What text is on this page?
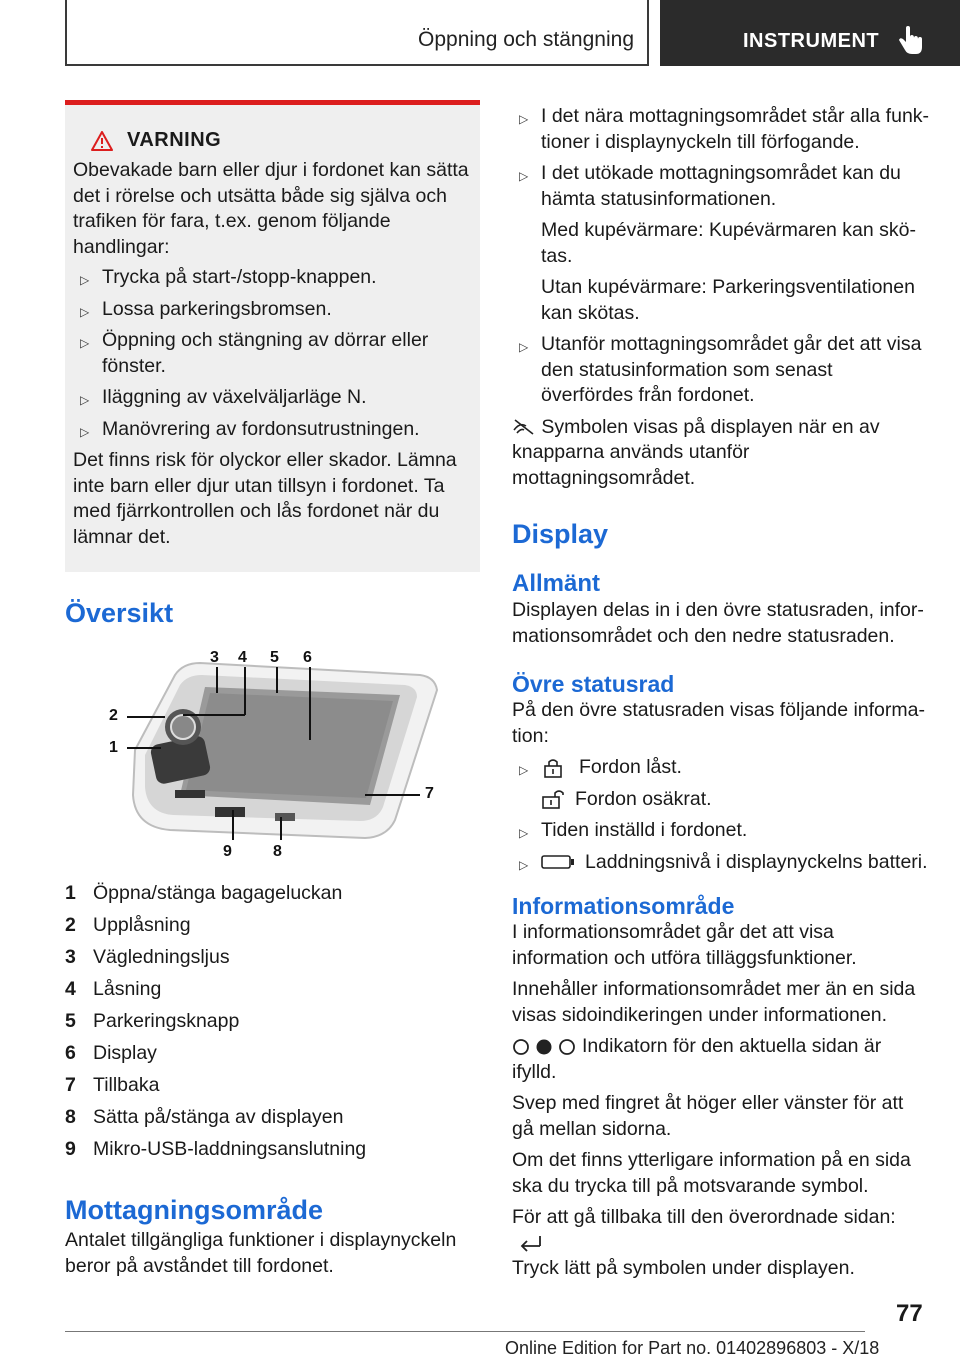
Öppning och stängning	INSTRUMENT
VARNING

Obevakade barn eller djur i fordonet kan sätta det i rörelse och utsätta både sig själva och trafiken för fara, t.ex. genom följande handlingar:

▷ Trycka på start-/stopp-knappen.
▷ Lossa parkeringsbromsen.
▷ Öppning och stängning av dörrar eller fönster.
▷ Iläggning av växelväljarläge N.
▷ Manövrering av fordonsutrustningen.

Det finns risk för olyckor eller skador. Lämna inte barn eller djur utan tillsyn i fordonet. Ta med fjärrkontrollen och lås fordonet när du lämnar det.

Översikt
3 4 5 6
2
1
7
9	8
1 Öppna/stänga bagageluckan
2 Upplåsning
3 Vägledningsljus
4 Låsning
5 Parkeringsknapp
6 Display
7 Tillbaka
8 Sätta på/stänga av displayen
9 Mikro-USB-laddningsanslutning
Mottagningsområde

Antalet tillgängliga funktioner i displaynyckeln beror på avståndet till fordonet.

▷ I det nära mottagningsområdet står alla funktioner i displaynyckeln till förfogande.
▷ I det utökade mottagningsområdet kan du hämta statusinformationen.

Med kupévärmare: Kupévärmaren kan skötas.

Utan kupévärmare: Parkeringsventilationen kan skötas.

▷ Utanför mottagningsområdet går det att visa den statusinformation som senast överfördes från fordonet.

Symbolen visas på displayen när en av knapparna används utanför mottagningsområdet.

Display
Allmänt

Displayen delas in i den övre statusraden, informationsområdet och den nedre statusraden.

Övre statusrad

På den övre statusraden visas följande information:

▷	Fordon låst.

Fordon osäkrat.

▷ Tiden inställd i fordonet.
▷	Laddningsnivå i displaynyckelns batteri.
Informationsområde

I informationsområdet går det att visa information och utföra tilläggsfunktioner.

Innehåller informationsområdet mer än en sida visas sidoindikeringen under informationen.

Indikatorn för den aktuella sidan är ifylld.

Svep med fingret åt höger eller vänster för att gå mellan sidorna.

Om det finns ytterligare information på en sida ska du trycka till på motsvarande symbol.

För att gå tillbaka till den överordnade sidan:
Tryck lätt på symbolen under displayen.

77
Online Edition for Part no. 01402896803 - X/18
